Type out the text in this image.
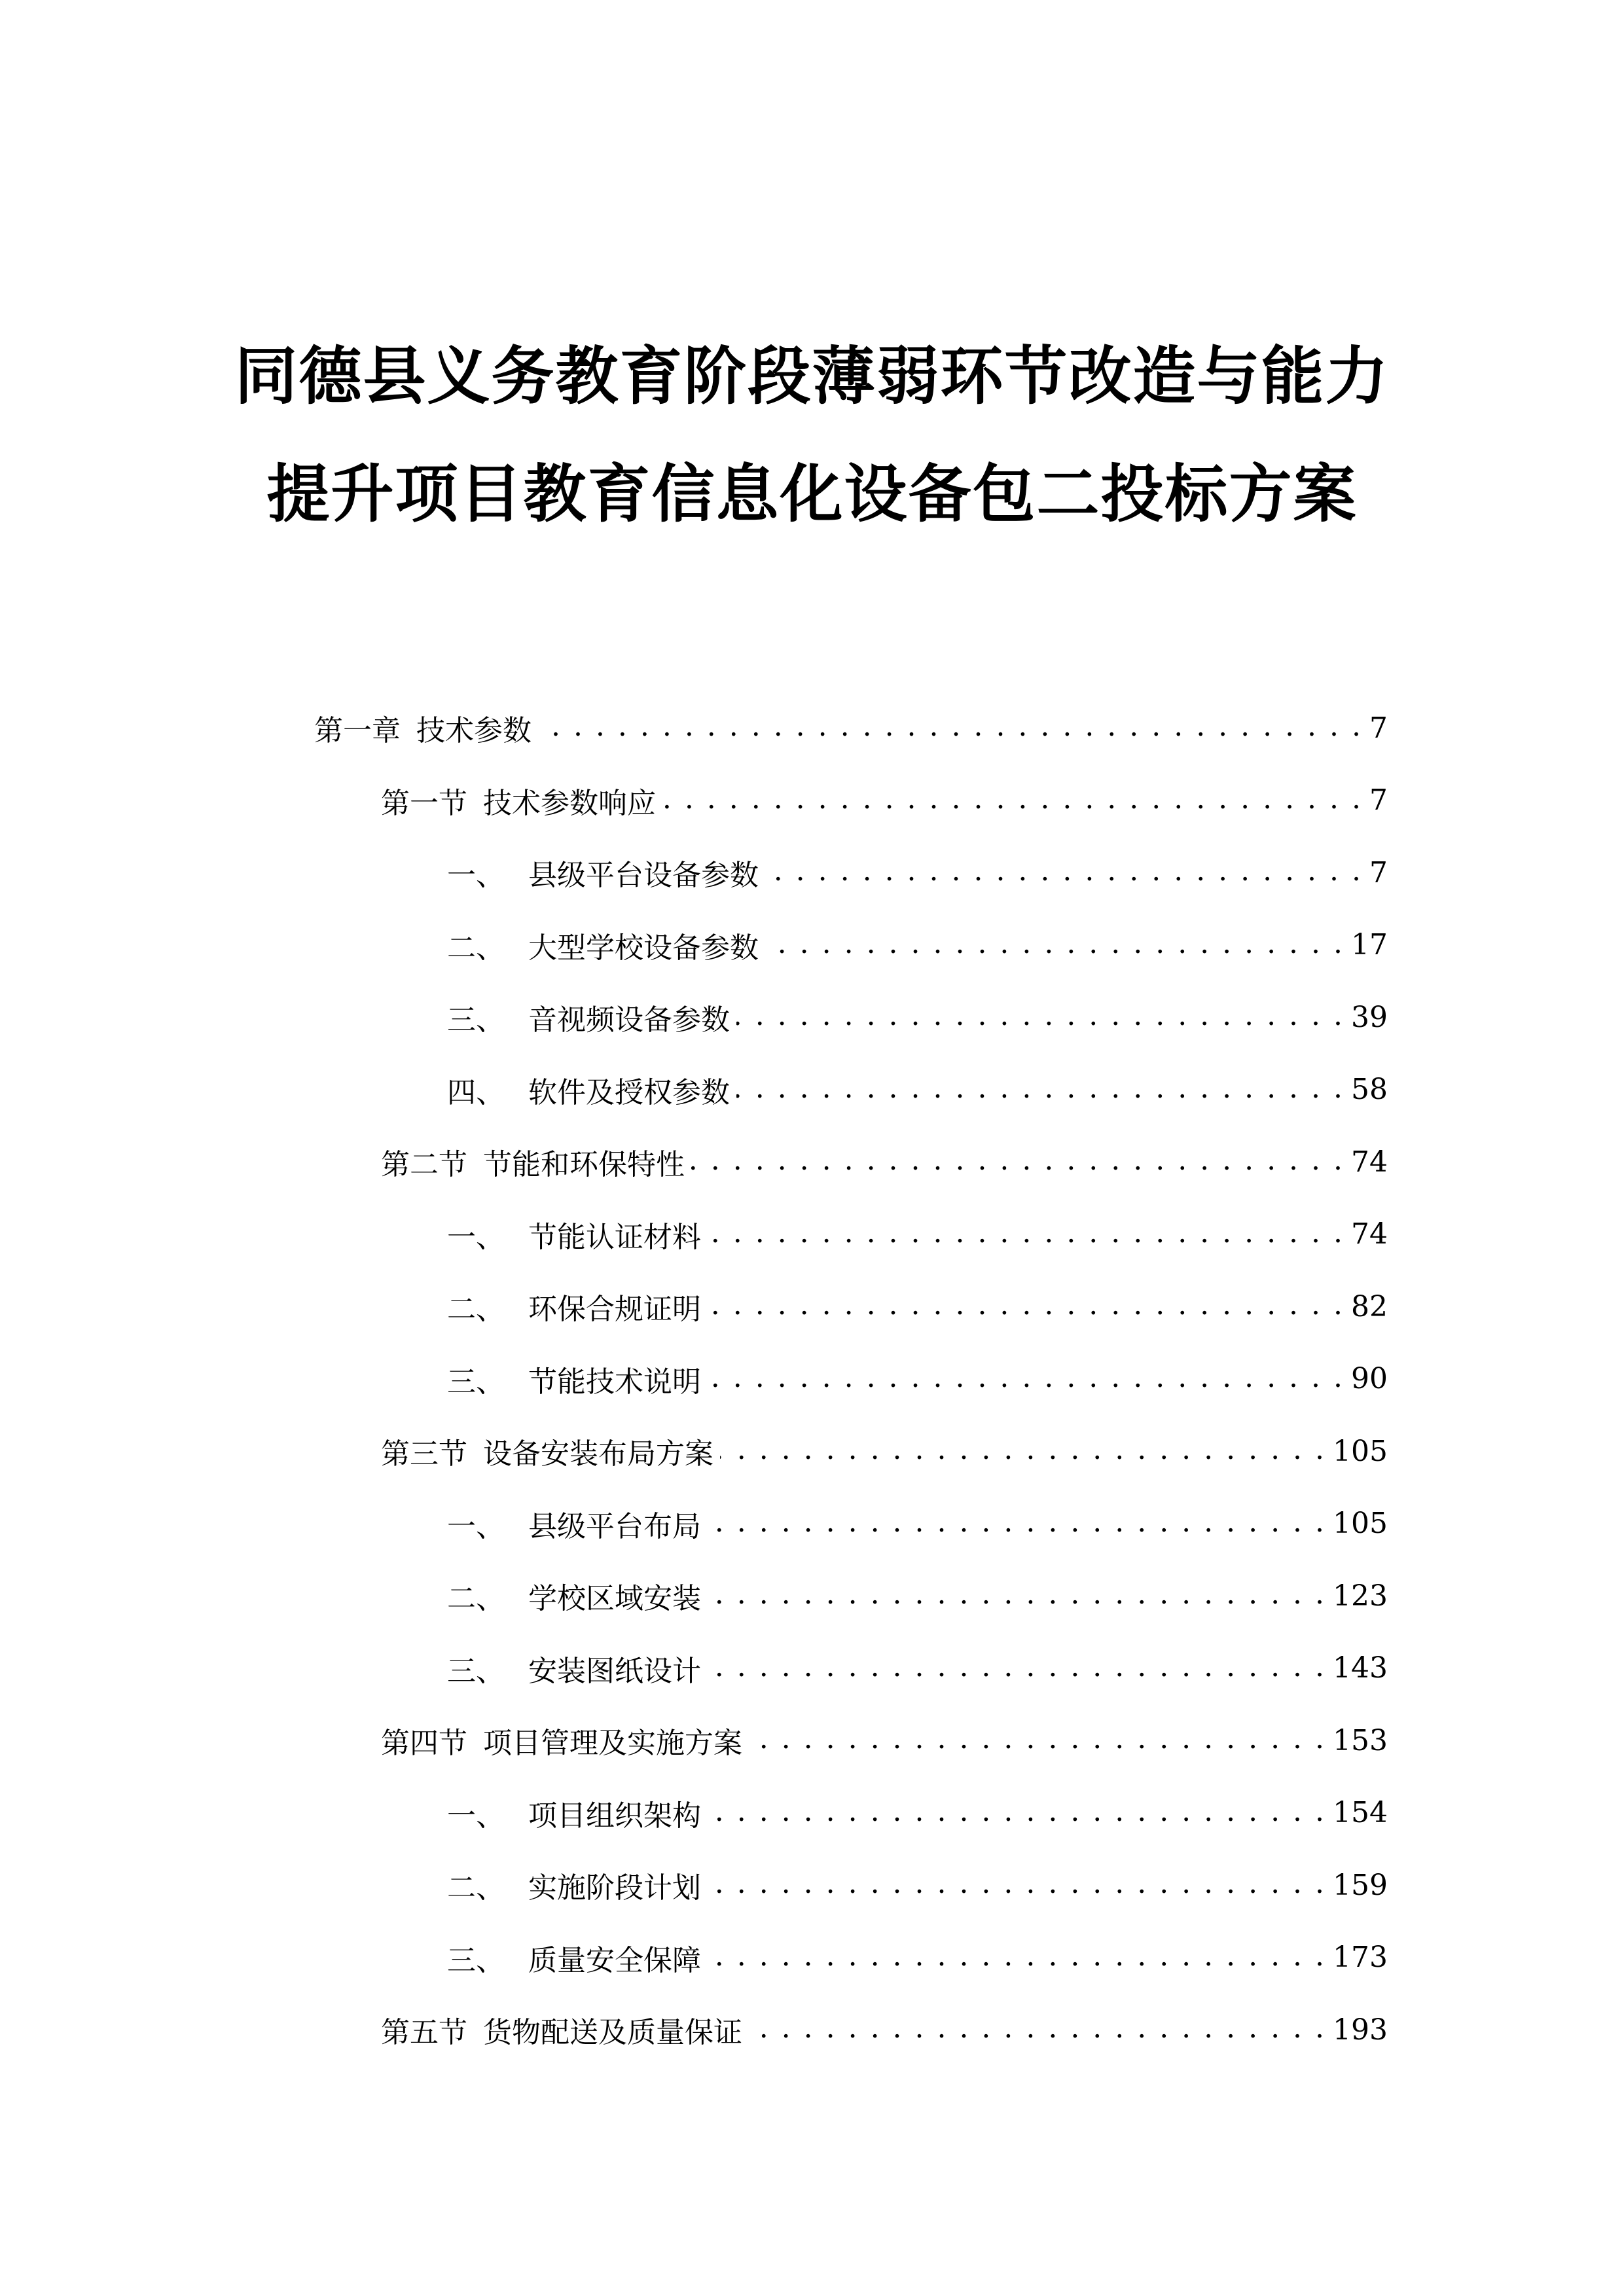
同德县义务教育阶段薄弱环节改造与能力
提升项目教育信息化设备包二投标方案
第一章 技术参数 . . .	7
第一节 技术参数响应 . . .	7
一、 县级平台设备参数 . . .	7
二、 大型学校设备参数 . . .	17
三、 音视频设备参数 . . .	39
四、 软件及授权参数 . . .	58
第二节 节能和环保特性 . . .	74
一、 节能认证材料 . . .	74
二、 环保合规证明 . . .	82
三、 节能技术说明 . . .	90
第三节 设备安装布局方案 . . .	105
一、 县级平台布局 . . .	105
二、 学校区域安装 . . .	123
三、 安装图纸设计 . . .	143
第四节 项目管理及实施方案 . . .	153
一、 项目组织架构 . . .	154
二、 实施阶段计划 . . .	159
三、 质量安全保障 . . .	173
第五节 货物配送及质量保证 . . .	193
